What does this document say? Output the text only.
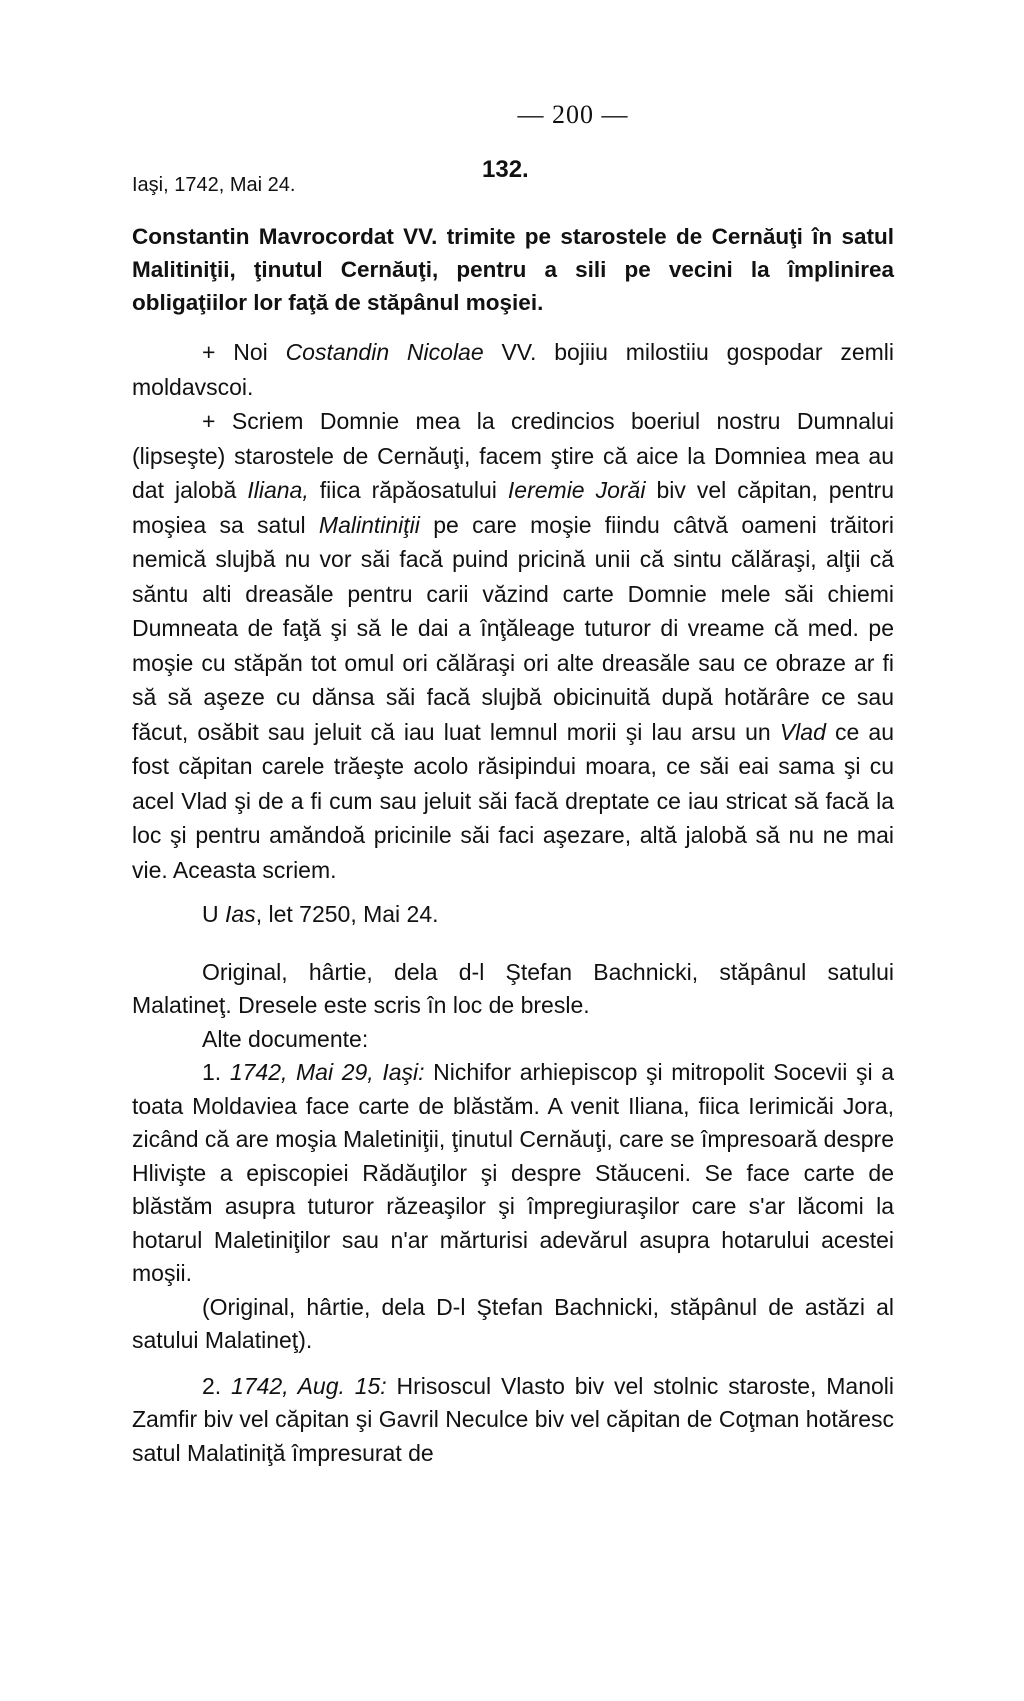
— 200 —
Iaşi, 1742, Mai 24.
132.

Constantin Mavrocordat VV. trimite pe starostele de Cernăuţi în satul Malitiniţii, ţinutul Cernăuţi, pentru a sili pe vecini la împlinirea obligaţiilor lor faţă de stăpânul moşiei.

+ Noi Costandin Nicolae VV. bojiiu milostiiu gospodar zemli moldavscoi.

+ Scriem Domnie mea la credincios boeriul nostru Dumnalui (lipseşte) starostele de Cernăuţi, facem ştire că aice la Domniea mea au dat jalobă Iliana, fiica răpăosatului Ieremie Jorăi biv vel căpitan, pentru moşiea sa satul Malintiniţii pe care moşie fiindu câtvă oameni trăitori nemică slujbă nu vor săi facă puind pricină unii că sintu călăraşi, alţii că săntu alti dreasăle pentru carii văzind carte Domnie mele săi chiemi Dumneata de faţă şi să le dai a înţăleage tuturor di vreame că med. pe moşie cu stăpăn tot omul ori călăraşi ori alte dreasăle sau ce obraze ar fi să să aşeze cu dănsa săi facă slujbă obicinuită după hotărâre ce sau făcut, osăbit sau jeluit că iau luat lemnul morii şi lau arsu un Vlad ce au fost căpitan carele trăeşte acolo răsipindui moara, ce săi eai sama şi cu acel Vlad şi de a fi cum sau jeluit săi facă dreptate ce iau stricat să facă la loc şi pentru amăndoă pricinile săi faci aşezare, altă jalobă să nu ne mai vie. Aceasta scriem.

U Ias, let 7250, Mai 24.

Original, hârtie, dela d-l Ştefan Bachnicki, stăpânul satului Malatineţ. Dresele este scris în loc de bresle.

Alte documente:

1. 1742, Mai 29, Iaşi: Nichifor arhiepiscop şi mitropolit Socevii şi a toata Moldaviea face carte de blăstăm. A venit Iliana, fiica Ierimicăi Jora, zicând că are moşia Maletiniţii, ţinutul Cernăuţi, care se împresoară despre Hlivişte a episcopiei Rădăuţilor şi despre Stăuceni. Se face carte de blăstăm asupra tuturor răzeaşilor şi împregiuraşilor care s'ar lăcomi la hotarul Maletiniţilor sau n'ar mărturisi adevărul asupra hotarului acestei moşii.

(Original, hârtie, dela D-l Ştefan Bachnicki, stăpânul de astăzi al satului Malatineţ).

2. 1742, Aug. 15: Hrisoscul Vlasto biv vel stolnic staroste, Manoli Zamfir biv vel căpitan şi Gavril Neculce biv vel căpitan de Coţman hotăresc satul Malatiniţă împresurat de
